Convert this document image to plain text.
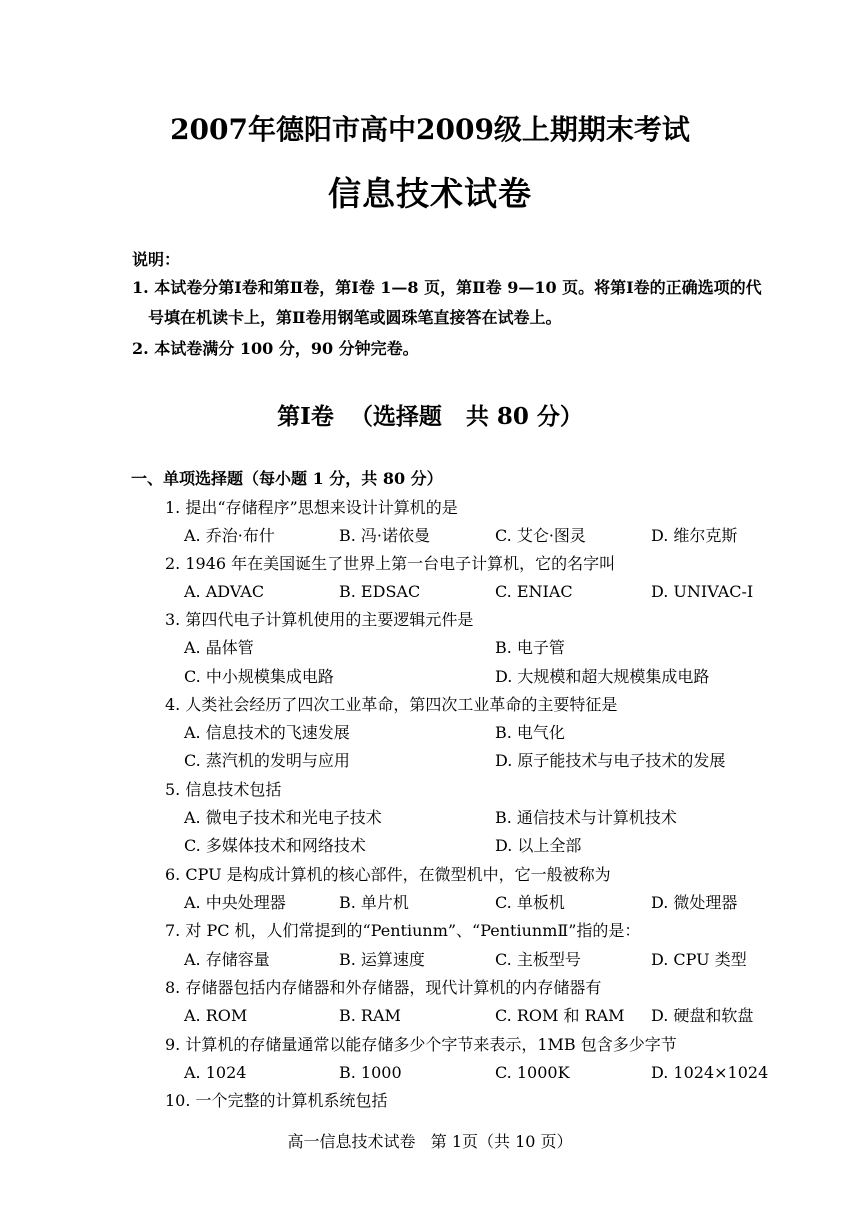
2007年德阳市高中2009级上期期末考试
信息技术试卷
说明：
1. 本试卷分第Ⅰ卷和第Ⅱ卷，第Ⅰ卷 1—8 页，第Ⅱ卷 9—10 页。将第Ⅰ卷的正确选项的代
号填在机读卡上，第Ⅱ卷用钢笔或圆珠笔直接答在试卷上。
2. 本试卷满分 100 分，90 分钟完卷。
第Ⅰ卷  （选择题   共 80 分）
一、单项选择题（每小题 1 分，共 80 分）
1. 提出“存储程序”思想来设计计算机的是
A. 乔治·布什	B. 冯·诺依曼	C. 艾仑·图灵	D. 维尔克斯
2. 1946 年在美国诞生了世界上第一台电子计算机，它的名字叫
A. ADVAC	B. EDSAC	C. ENIAC	D. UNIVAC-I
3. 第四代电子计算机使用的主要逻辑元件是
A. 晶体管	B. 电子管
C. 中小规模集成电路	D. 大规模和超大规模集成电路
4. 人类社会经历了四次工业革命，第四次工业革命的主要特征是
A. 信息技术的飞速发展	B. 电气化
C. 蒸汽机的发明与应用	D. 原子能技术与电子技术的发展
5. 信息技术包括
A. 微电子技术和光电子技术	B. 通信技术与计算机技术
C. 多媒体技术和网络技术	D. 以上全部
6. CPU 是构成计算机的核心部件，在微型机中，它一般被称为
A. 中央处理器	B. 单片机	C. 单板机	D. 微处理器
7. 对 PC 机，人们常提到的“Pentiunm”、“PentiunmⅡ”指的是：
A. 存储容量	B. 运算速度	C. 主板型号	D. CPU 类型
8. 存储器包括内存储器和外存储器，现代计算机的内存储器有
A. ROM	B. RAM	C. ROM 和 RAM D. 硬盘和软盘
9. 计算机的存储量通常以能存储多少个字节来表示，1MB 包含多少字节
A. 1024	B. 1000	C. 1000K	D. 1024×1024
10. 一个完整的计算机系统包括
高一信息技术试卷   第 1页（共 10 页）
